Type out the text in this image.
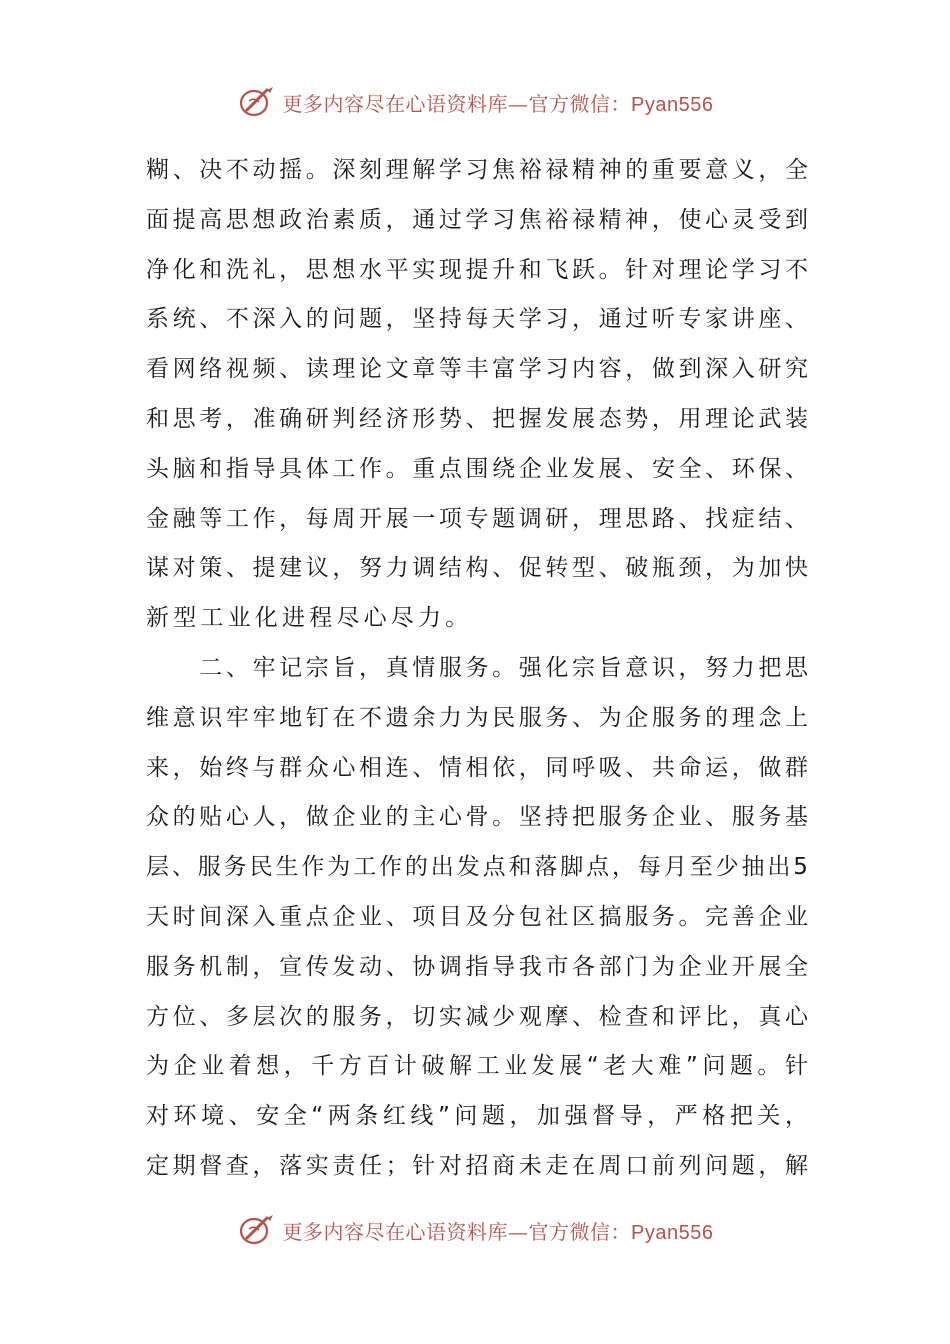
更多内容尽在心语资料库—官方微信：Pyan556
糊 、 决 不 动 摇 。 深 刻 理 解 学 习 焦 裕 禄 精 神 的 重 要 意 义 ， 全
面 提 高 思 想 政 治 素 质 ， 通 过 学 习 焦 裕 禄 精 神 ， 使 心 灵 受 到
净 化 和 洗 礼 ， 思 想 水 平 实 现 提 升 和 飞 跃 。 针 对 理 论 学 习 不
系 统 、 不 深 入 的 问 题 ， 坚 持 每 天 学 习 ， 通 过 听 专 家 讲 座 、
看 网 络 视 频 、 读 理 论 文 章 等 丰 富 学 习 内 容 ， 做 到 深 入 研 究
和 思 考 ， 准 确 研 判 经 济 形 势 、 把 握 发 展 态 势 ， 用 理 论 武 装
头 脑 和 指 导 具 体 工 作 。 重 点 围 绕 企 业 发 展 、 安 全 、 环 保 、
金 融 等 工 作 ， 每 周 开 展 一 项 专 题 调 研 ， 理 思 路 、 找 症 结 、
谋 对 策 、 提 建 议 ， 努 力 调 结 构 、 促 转 型 、 破 瓶 颈 ， 为 加 快
新型工业化进程尽心尽力。

二 、 牢 记 宗 旨 ， 真 情 服 务 。 强 化 宗 旨 意 识 ， 努 力 把 思
维 意 识 牢 牢 地 钉 在 不 遗 余 力 为 民 服 务 、 为 企 服 务 的 理 念 上
来 ， 始 终 与 群 众 心 相 连 、 情 相 依 ， 同 呼 吸 、 共 命 运 ， 做 群
众 的 贴 心 人 ， 做 企 业 的 主 心 骨 。 坚 持 把 服 务 企 业 、 服 务 基
层 、 服 务 民 生 作 为 工 作 的 出 发 点 和 落 脚 点 ， 每 月 至 少 抽 出 5
天 时 间 深 入 重 点 企 业 、 项 目 及 分 包 社 区 搞 服 务 。 完 善 企 业
服 务 机 制 ， 宣 传 发 动 、 协 调 指 导 我 市 各 部 门 为 企 业 开 展 全
方 位 、 多 层 次 的 服 务 ， 切 实 减 少 观 摩 、 检 查 和 评 比 ， 真 心
为 企 业 着 想 ， 千 方 百 计 破 解 工 业 发 展 “ 老 大 难 ” 问 题 。 针
对 环 境 、 安 全 “ 两 条 红 线 ” 问 题 ， 加 强 督 导 ， 严 格 把 关 ，
定 期 督 查 ， 落 实 责 任 ； 针 对 招 商 未 走 在 周 口 前 列 问 题 ， 解
更多内容尽在心语资料库—官方微信：Pyan556
